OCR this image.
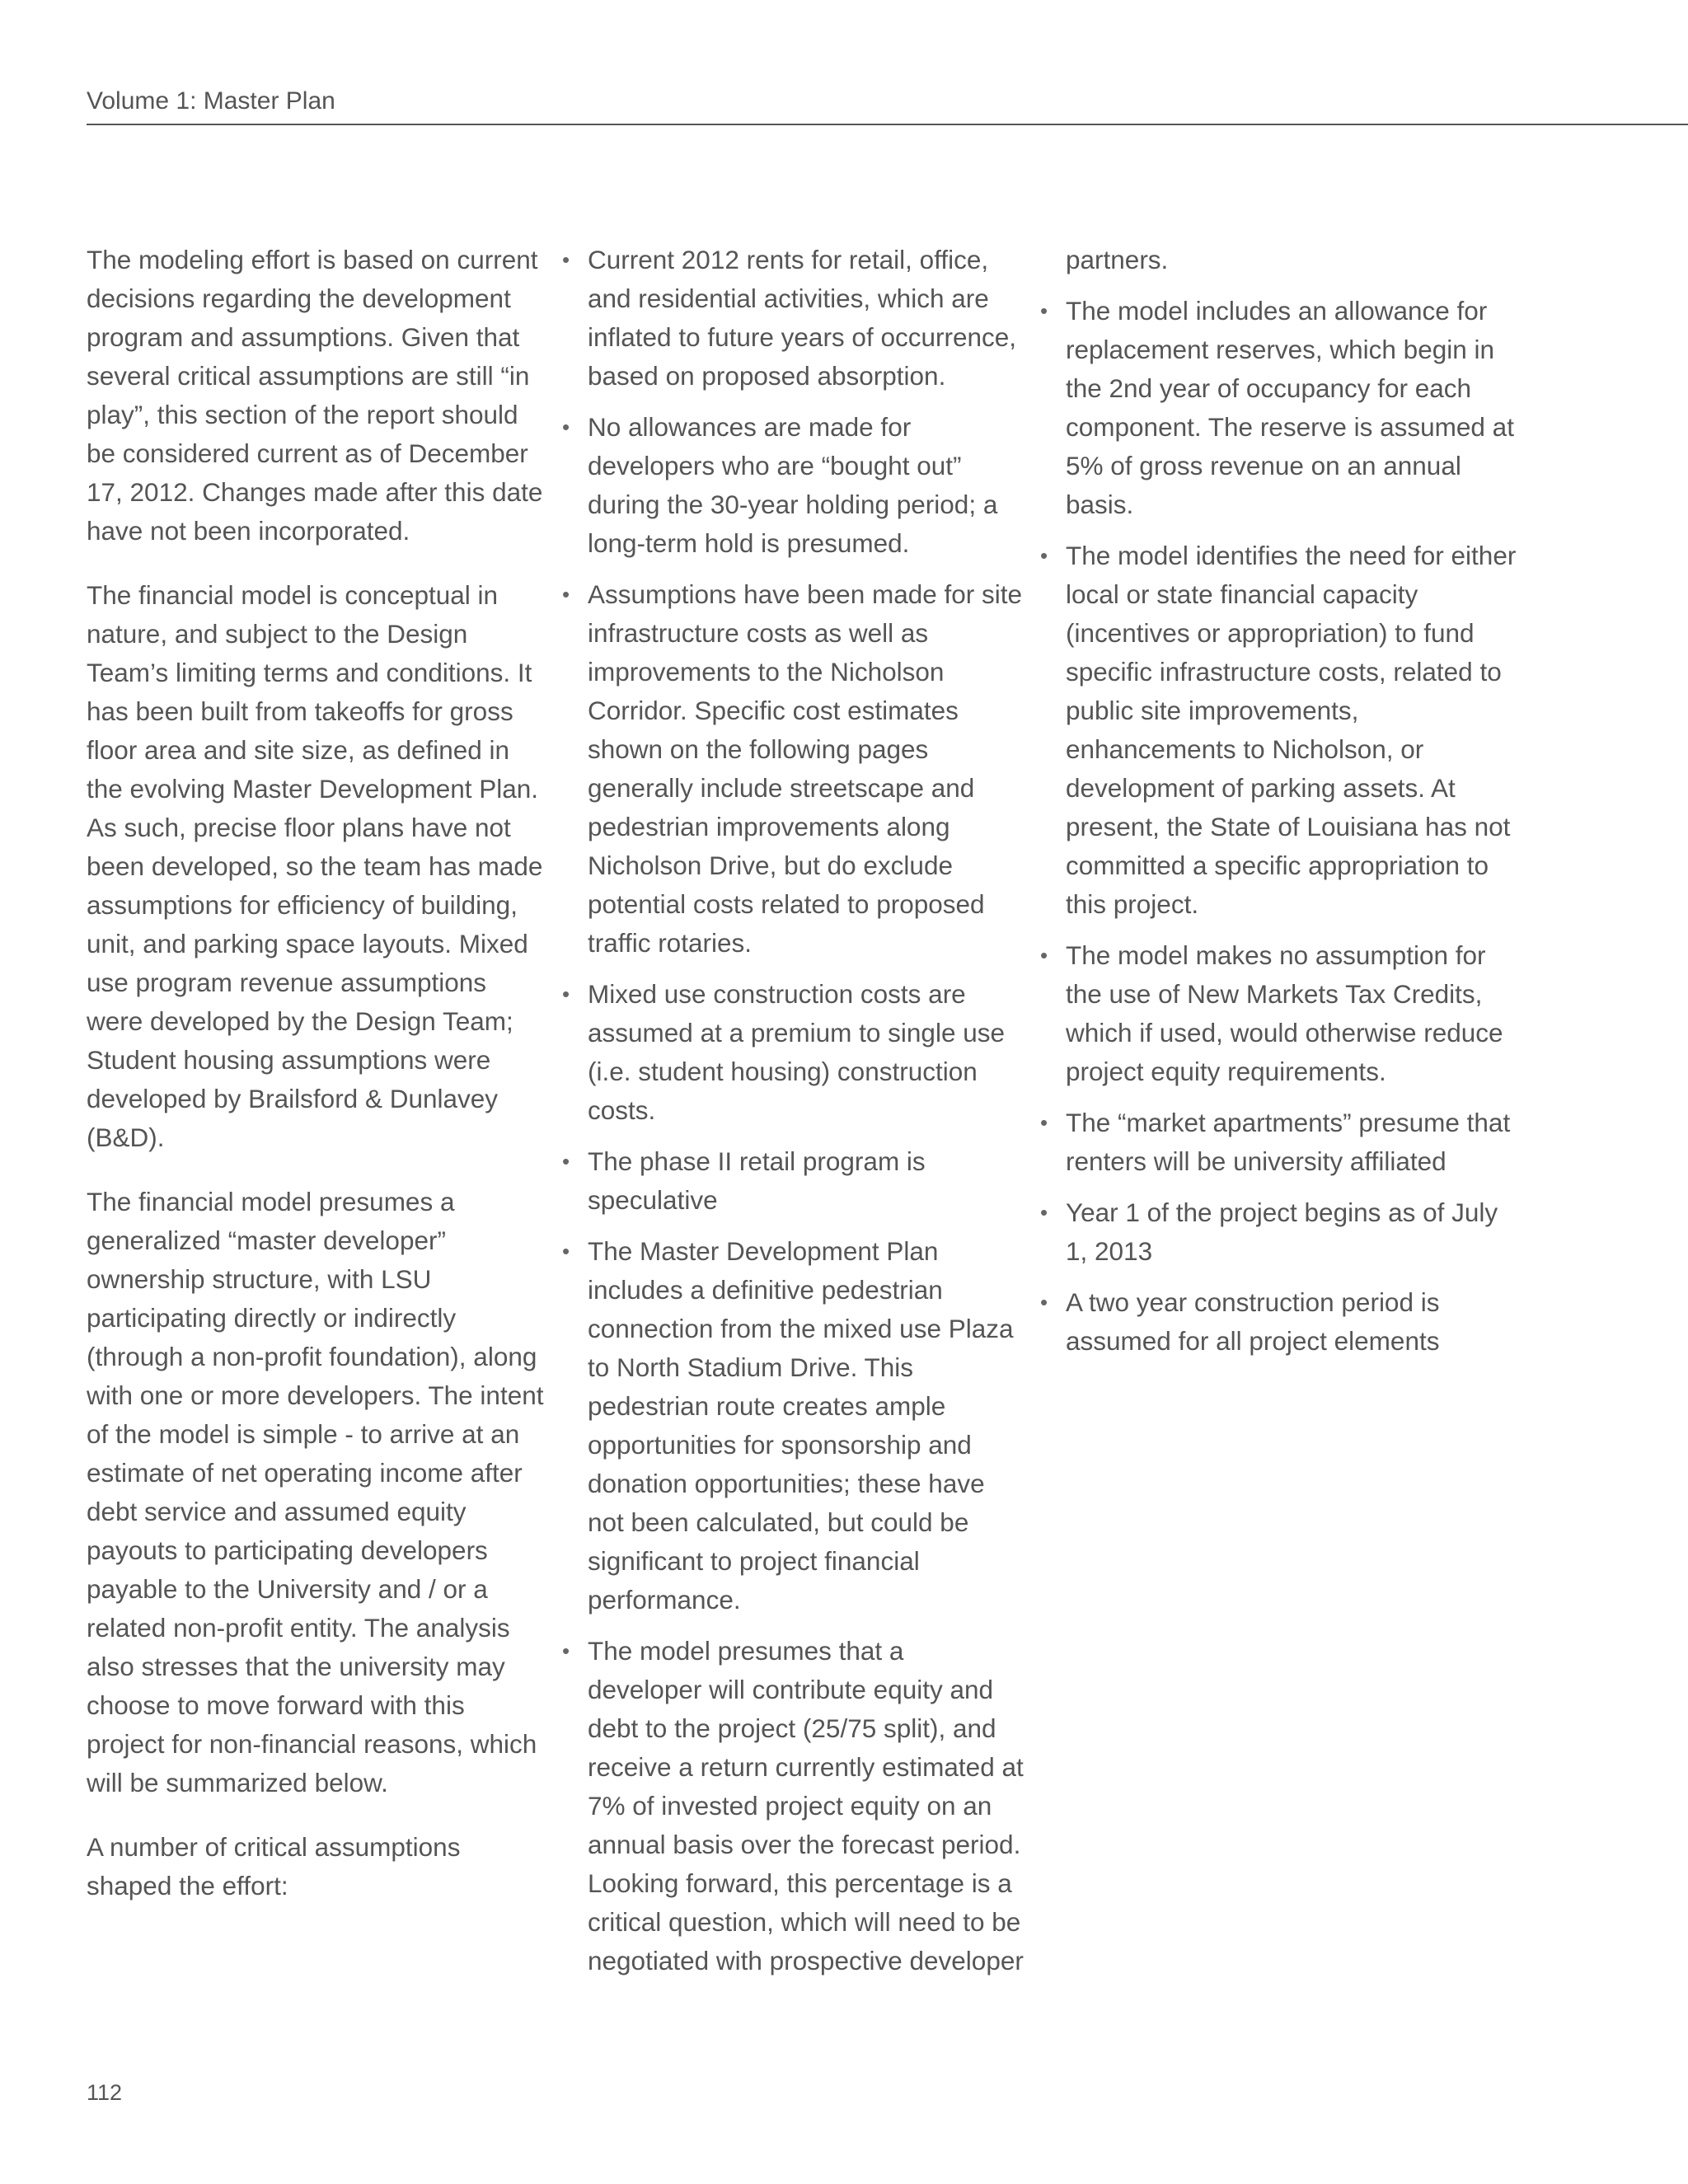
Volume 1: Master Plan

The modeling effort is based on current decisions regarding the development program and assumptions. Given that several critical assumptions are still “in play”, this section of the report should be considered current as of December 17, 2012. Changes made after this date have not been incorporated.

The financial model is conceptual in nature, and subject to the Design Team’s limiting terms and conditions. It has been built from takeoffs for gross floor area and site size, as defined in the evolving Master Development Plan. As such, precise floor plans have not been developed, so the team has made assumptions for efficiency of building, unit, and parking space layouts. Mixed use program revenue assumptions were developed by the Design Team; Student housing assumptions were developed by Brailsford & Dunlavey (B&D).

The financial model presumes a generalized “master developer” ownership structure, with LSU participating directly or indirectly (through a non-profit foundation), along with one or more developers. The intent of the model is simple - to arrive at an estimate of net operating income after debt service and assumed equity payouts to participating developers payable to the University and / or a related non-profit entity. The analysis also stresses that the university may choose to move forward with this project for non-financial reasons, which will be summarized below.

A number of critical assumptions shaped the effort:

• Current 2012 rents for retail, office, and residential activities, which are inflated to future years of occurrence, based on proposed absorption.
• No allowances are made for developers who are “bought out” during the 30-year holding period; a long-term hold is presumed.
• Assumptions have been made for site infrastructure costs as well as improvements to the Nicholson Corridor. Specific cost estimates shown on the following pages generally include streetscape and pedestrian improvements along Nicholson Drive, but do exclude potential costs related to proposed traffic rotaries.
• Mixed use construction costs are assumed at a premium to single use (i.e. student housing) construction costs.
• The phase II retail program is speculative
• The Master Development Plan includes a definitive pedestrian connection from the mixed use Plaza to North Stadium Drive. This pedestrian route creates ample opportunities for sponsorship and donation opportunities; these have not been calculated, but could be significant to project financial performance.
• The model presumes that a developer will contribute equity and debt to the project (25/75 split), and receive a return currently estimated at 7% of invested project equity on an annual basis over the forecast period. Looking forward, this percentage is a critical question, which will need to be negotiated with prospective developer
partners.
• The model includes an allowance for replacement reserves, which begin in the 2nd year of occupancy for each component. The reserve is assumed at 5% of gross revenue on an annual basis.
• The model identifies the need for either local or state financial capacity (incentives or appropriation) to fund specific infrastructure costs, related to public site improvements, enhancements to Nicholson, or development of parking assets. At present, the State of Louisiana has not committed a specific appropriation to this project.
• The model makes no assumption for the use of New Markets Tax Credits, which if used, would otherwise reduce project equity requirements.
• The “market apartments” presume that renters will be university affiliated
• Year 1 of the project begins as of July 1, 2013
• A two year construction period is assumed for all project elements
112
